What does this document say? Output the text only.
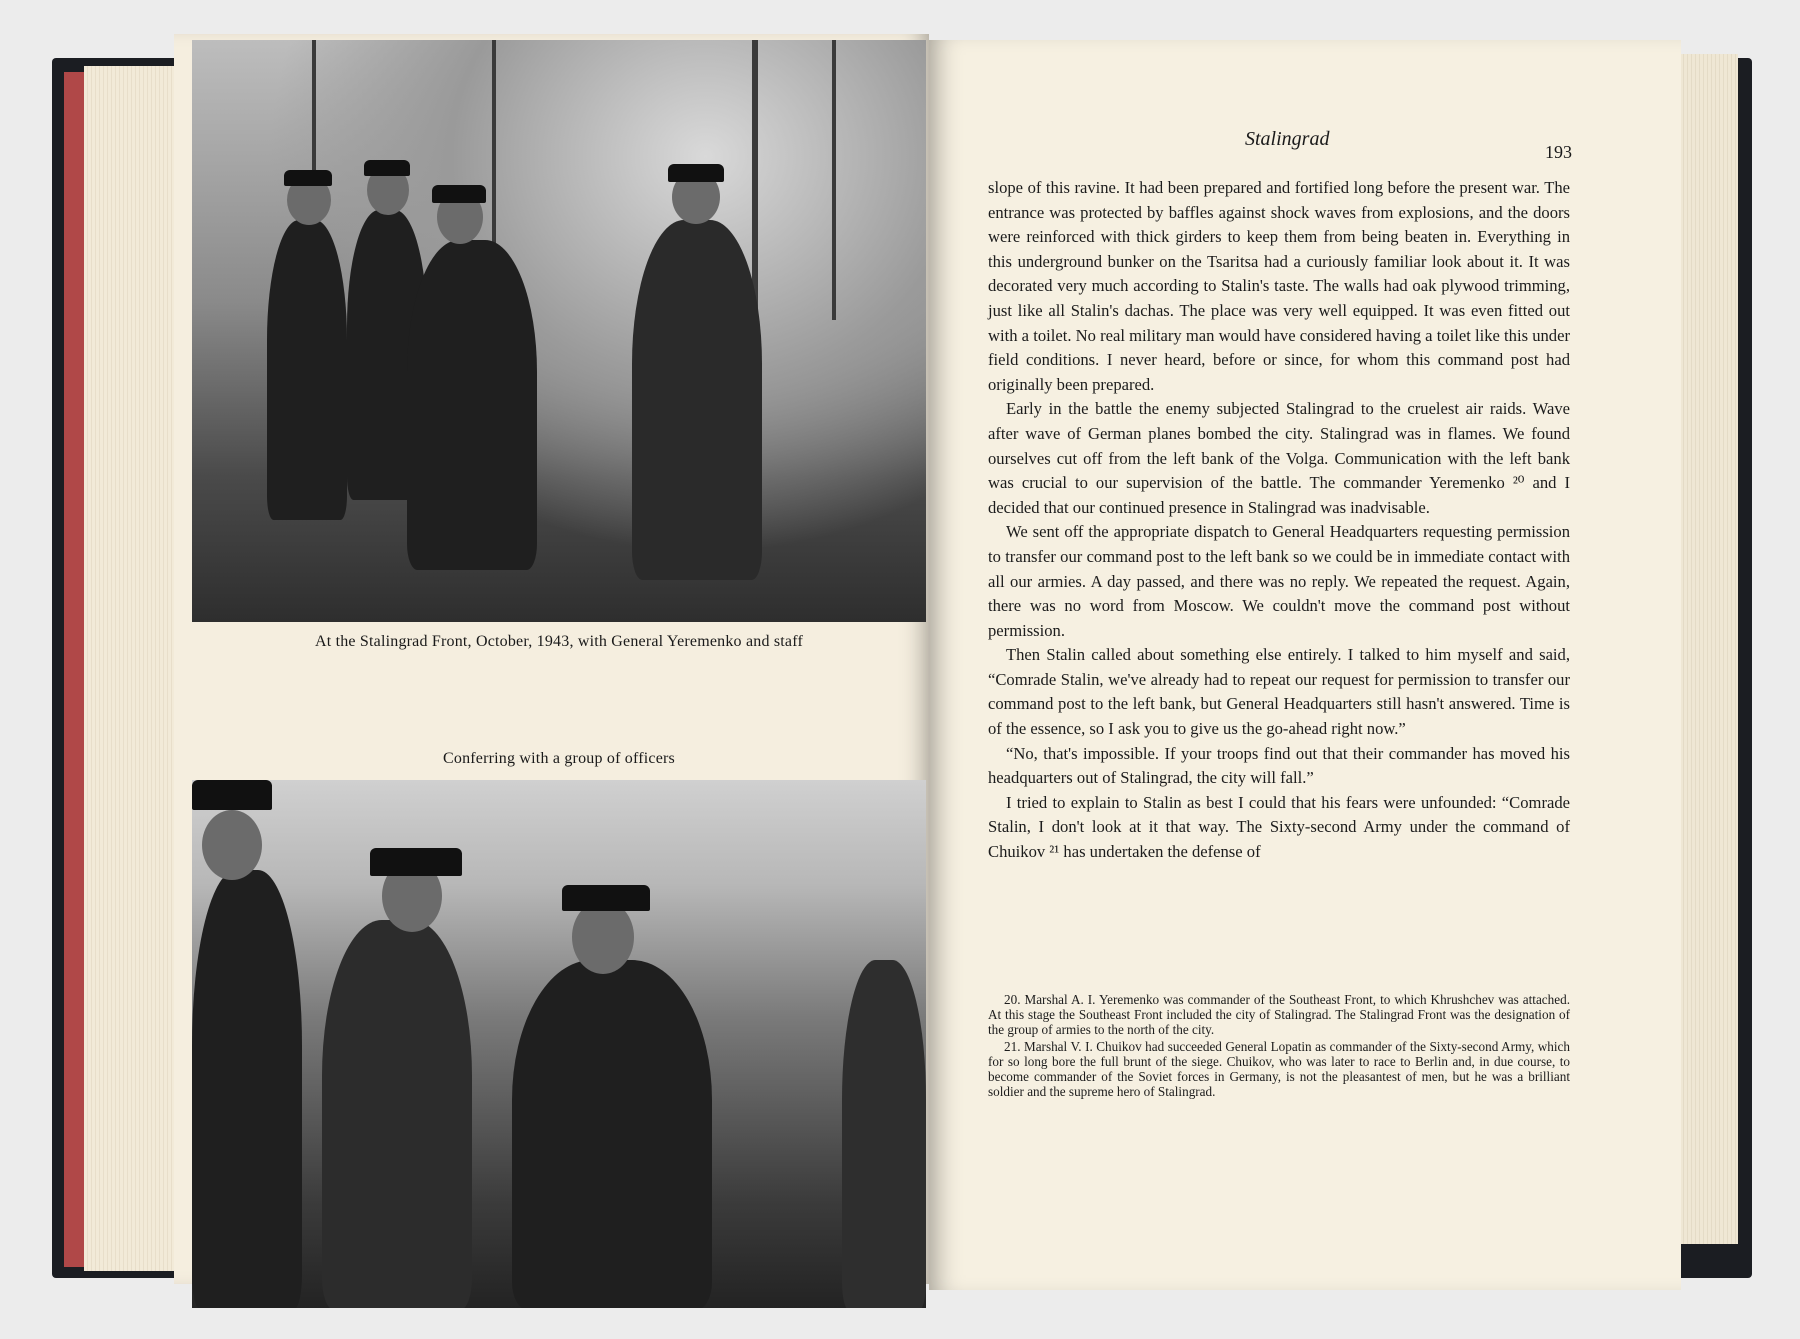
At the Stalingrad Front, October, 1943, with General Yeremenko and staff
Conferring with a group of officers
Stalingrad
193

slope of this ravine. It had been prepared and fortified long before the present war. The entrance was protected by baffles against shock waves from explosions, and the doors were reinforced with thick girders to keep them from being beaten in. Everything in this underground bunker on the Tsaritsa had a curiously familiar look about it. It was decorated very much according to Stalin's taste. The walls had oak plywood trimming, just like all Stalin's dachas. The place was very well equipped. It was even fitted out with a toilet. No real military man would have considered having a toilet like this under field conditions. I never heard, before or since, for whom this command post had originally been prepared.

Early in the battle the enemy subjected Stalingrad to the cruelest air raids. Wave after wave of German planes bombed the city. Stalingrad was in flames. We found ourselves cut off from the left bank of the Volga. Communication with the left bank was crucial to our supervision of the battle. The commander Yeremenko ²⁰ and I decided that our continued presence in Stalingrad was inadvisable.

We sent off the appropriate dispatch to General Headquarters requesting permission to transfer our command post to the left bank so we could be in immediate contact with all our armies. A day passed, and there was no reply. We repeated the request. Again, there was no word from Moscow. We couldn't move the command post without permission.

Then Stalin called about something else entirely. I talked to him myself and said, “Comrade Stalin, we've already had to repeat our request for permission to transfer our command post to the left bank, but General Headquarters still hasn't answered. Time is of the essence, so I ask you to give us the go-ahead right now.”

“No, that's impossible. If your troops find out that their commander has moved his headquarters out of Stalingrad, the city will fall.”

I tried to explain to Stalin as best I could that his fears were unfounded: “Comrade Stalin, I don't look at it that way. The Sixty-second Army under the command of Chuikov ²¹ has undertaken the defense of

20. Marshal A. I. Yeremenko was commander of the Southeast Front, to which Khrushchev was attached. At this stage the Southeast Front included the city of Stalingrad. The Stalingrad Front was the designation of the group of armies to the north of the city.

21. Marshal V. I. Chuikov had succeeded General Lopatin as commander of the Sixty-second Army, which for so long bore the full brunt of the siege. Chuikov, who was later to race to Berlin and, in due course, to become commander of the Soviet forces in Germany, is not the pleasantest of men, but he was a brilliant soldier and the supreme hero of Stalingrad.
